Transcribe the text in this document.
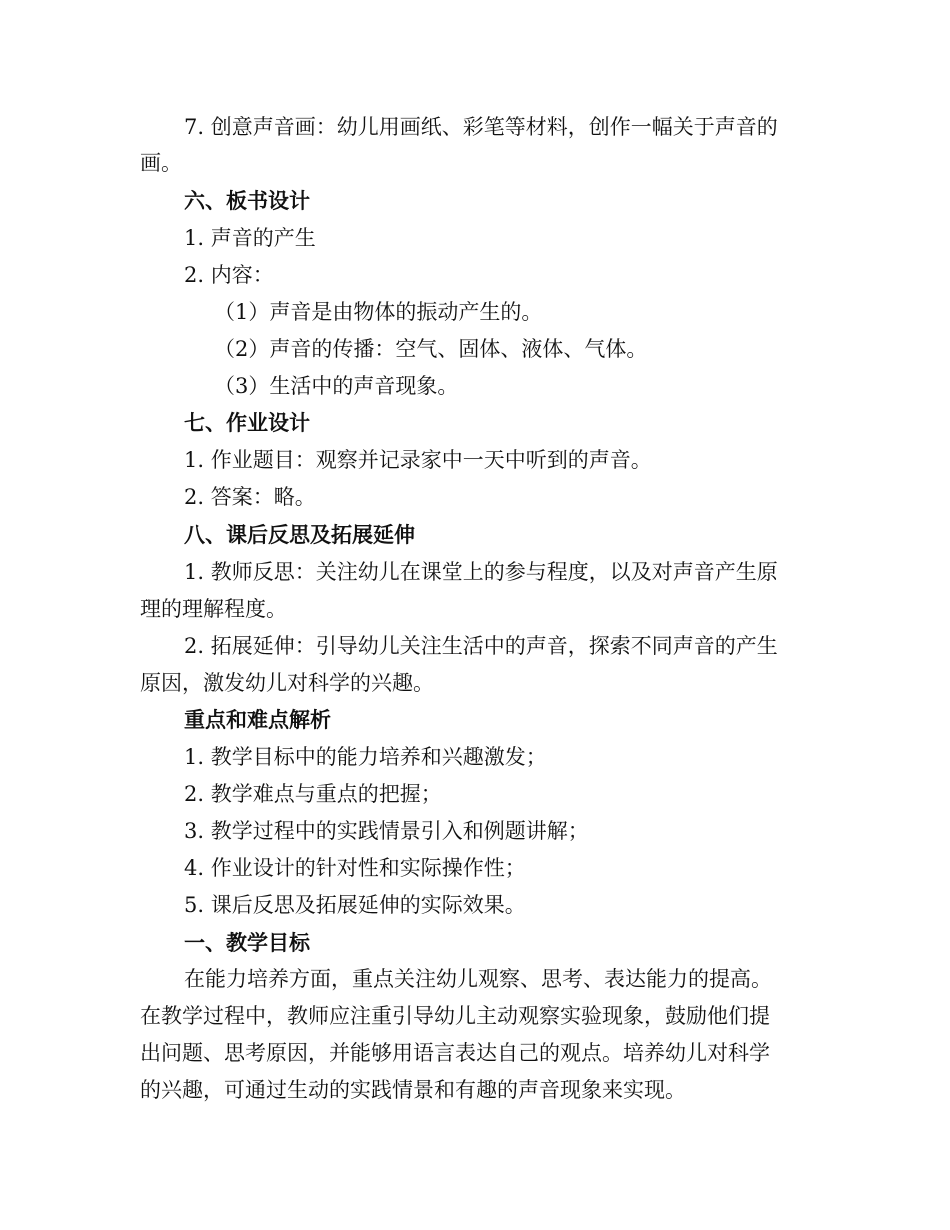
7. 创意声音画：幼儿用画纸、彩笔等材料，创作一幅关于声音的
画。
六、板书设计
1. 声音的产生
2. 内容：
（1）声音是由物体的振动产生的。
（2）声音的传播：空气、固体、液体、气体。
（3）生活中的声音现象。
七、作业设计
1. 作业题目：观察并记录家中一天中听到的声音。
2. 答案：略。
八、课后反思及拓展延伸
1. 教师反思：关注幼儿在课堂上的参与程度，以及对声音产生原
理的理解程度。
2. 拓展延伸：引导幼儿关注生活中的声音，探索不同声音的产生
原因，激发幼儿对科学的兴趣。
重点和难点解析
1. 教学目标中的能力培养和兴趣激发；
2. 教学难点与重点的把握；
3. 教学过程中的实践情景引入和例题讲解；
4. 作业设计的针对性和实际操作性；
5. 课后反思及拓展延伸的实际效果。
一、教学目标
在能力培养方面，重点关注幼儿观察、思考、表达能力的提高。
在教学过程中，教师应注重引导幼儿主动观察实验现象，鼓励他们提
出问题、思考原因，并能够用语言表达自己的观点。培养幼儿对科学
的兴趣，可通过生动的实践情景和有趣的声音现象来实现。
